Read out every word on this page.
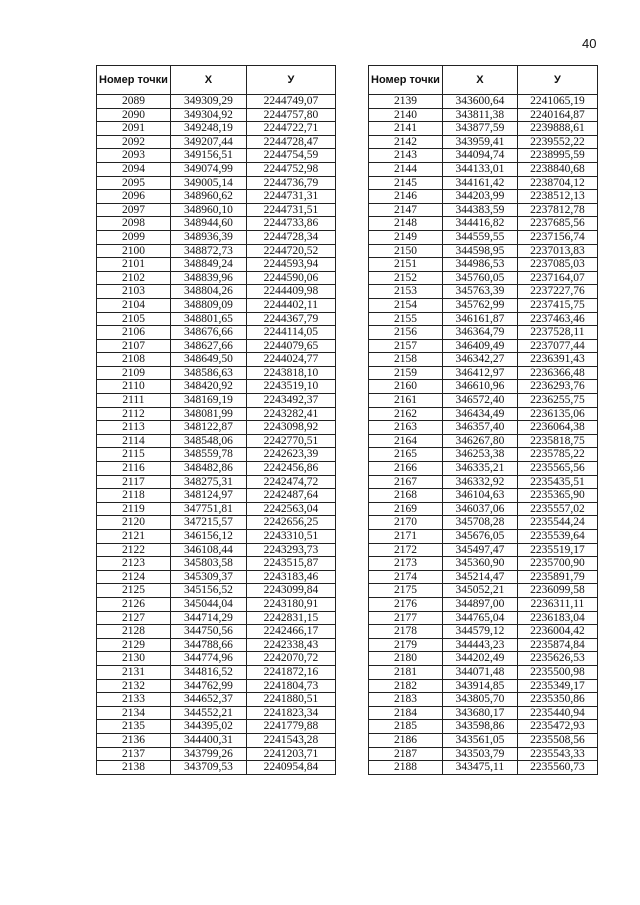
40
Номер точки	X	У
2089	349309,29	2244749,07
2090	349304,92	2244757,80
2091	349248,19	2244722,71
2092	349207,44	2244728,47
2093	349156,51	2244754,59
2094	349074,99	2244752,98
2095	349005,14	2244736,79
2096	348960,62	2244731,31
2097	348960,10	2244731,51
2098	348944,60	2244733,86
2099	348936,39	2244728,34
2100	348872,73	2244720,52
2101	348849,24	2244593,94
2102	348839,96	2244590,06
2103	348804,26	2244409,98
2104	348809,09	2244402,11
2105	348801,65	2244367,79
2106	348676,66	2244114,05
2107	348627,66	2244079,65
2108	348649,50	2244024,77
2109	348586,63	2243818,10
2110	348420,92	2243519,10
2111	348169,19	2243492,37
2112	348081,99	2243282,41
2113	348122,87	2243098,92
2114	348548,06	2242770,51
2115	348559,78	2242623,39
2116	348482,86	2242456,86
2117	348275,31	2242474,72
2118	348124,97	2242487,64
2119	347751,81	2242563,04
2120	347215,57	2242656,25
2121	346156,12	2243310,51
2122	346108,44	2243293,73
2123	345803,58	2243515,87
2124	345309,37	2243183,46
2125	345156,52	2243099,84
2126	345044,04	2243180,91
2127	344714,29	2242831,15
2128	344750,56	2242466,17
2129	344788,66	2242338,43
2130	344774,96	2242070,72
2131	344816,52	2241872,16
2132	344762,99	2241804,73
2133	344652,37	2241880,51
2134	344552,21	2241823,34
2135	344395,02	2241779,88
2136	344400,31	2241543,28
2137	343799,26	2241203,71
2138	343709,53	2240954,84
Номер точки	X	У
2139	343600,64	2241065,19
2140	343811,38	2240164,87
2141	343877,59	2239888,61
2142	343959,41	2239552,22
2143	344094,74	2238995,59
2144	344133,01	2238840,68
2145	344161,42	2238704,12
2146	344203,99	2238512,13
2147	344383,59	2237812,78
2148	344416,82	2237685,56
2149	344559,55	2237156,74
2150	344598,95	2237013,83
2151	344986,53	2237085,03
2152	345760,05	2237164,07
2153	345763,39	2237227,76
2154	345762,99	2237415,75
2155	346161,87	2237463,46
2156	346364,79	2237528,11
2157	346409,49	2237077,44
2158	346342,27	2236391,43
2159	346412,97	2236366,48
2160	346610,96	2236293,76
2161	346572,40	2236255,75
2162	346434,49	2236135,06
2163	346357,40	2236064,38
2164	346267,80	2235818,75
2165	346253,38	2235785,22
2166	346335,21	2235565,56
2167	346332,92	2235435,51
2168	346104,63	2235365,90
2169	346037,06	2235557,02
2170	345708,28	2235544,24
2171	345676,05	2235539,64
2172	345497,47	2235519,17
2173	345360,90	2235700,90
2174	345214,47	2235891,79
2175	345052,21	2236099,58
2176	344897,00	2236311,11
2177	344765,04	2236183,04
2178	344579,12	2236004,42
2179	344443,23	2235874,84
2180	344202,49	2235626,53
2181	344071,48	2235500,98
2182	343914,85	2235349,17
2183	343805,70	2235350,86
2184	343680,17	2235440,94
2185	343598,86	2235472,93
2186	343561,05	2235508,56
2187	343503,79	2235543,33
2188	343475,11	2235560,73
